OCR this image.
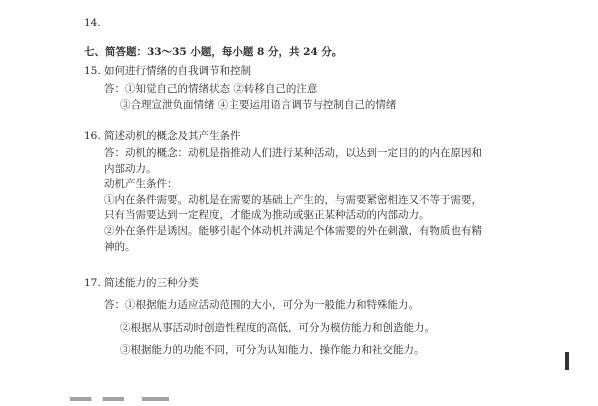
14.
七、简答题：33～35 小题，每小题 8 分，共 24 分。
15. 如何进行情绪的自我调节和控制
答：①知觉自己的情绪状态 ②转移自己的注意
③合理宣泄负面情绪 ④主要运用语言调节与控制自己的情绪
16. 简述动机的概念及其产生条件
答：动机的概念：动机是指推动人们进行某种活动，以达到一定目的的内在原因和
内部动力。
动机产生条件：
①内在条件需要。动机是在需要的基础上产生的，与需要紧密相连又不等于需要，
只有当需要达到一定程度，才能成为推动或驱正某种活动的内部动力。
②外在条件是诱因。能够引起个体动机并满足个体需要的外在刺激，有物质也有精
神的。
17. 简述能力的三种分类
答：①根据能力适应活动范围的大小，可分为一般能力和特殊能力。
②根据从事活动时创造性程度的高低，可分为模仿能力和创造能力。
③根据能力的功能不同，可分为认知能力、操作能力和社交能力。
